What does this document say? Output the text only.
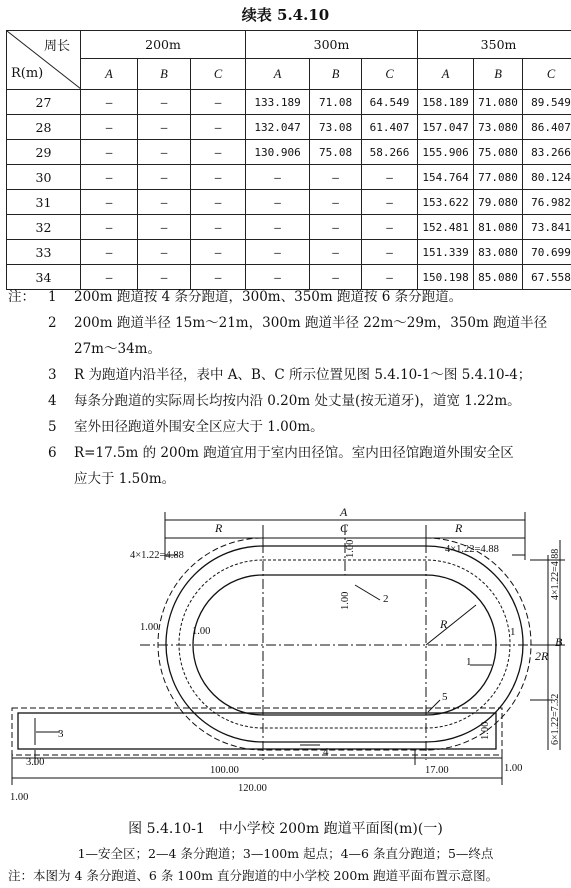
续表 5.4.10
周长
R(m)	200m			300m			350m		
	A	B	C	A	B	C	A	B	C
27	—	—	—	133.189	71.08	64.549	158.189	71.080	89.549
28	—	—	—	132.047	73.08	61.407	157.047	73.080	86.407
29	—	—	—	130.906	75.08	58.266	155.906	75.080	83.266
30	—	—	—	—	—	—	154.764	77.080	80.124
31	—	—	—	—	—	—	153.622	79.080	76.982
32	—	—	—	—	—	—	152.481	81.080	73.841
33	—	—	—	—	—	—	151.339	83.080	70.699
34	—	—	—	—	—	—	150.198	85.080	67.558
注： 1 200m 跑道按 4 条分跑道，300m、350m 跑道按 6 条分跑道。
2 200m 跑道半径 15m～21m，300m 跑道半径 22m～29m，350m 跑道半径
27m～34m。
3 R 为跑道内沿半径，表中 A、B、C 所示位置见图 5.4.10-1～图 5.4.10-4；
4 每条分跑道的实际周长均按内沿 0.20m 处丈量(按无道牙)，道宽 1.22m。
5 室外田径跑道外围安全区应大于 1.00m。
6 R=17.5m 的 200m 跑道宜用于室内田径馆。室内田径馆跑道外围安全区
应大于 1.50m。
A
R	C	R
4×1.22=4.88
4×1.22=4.88
R
2R
B
1.00	1.00
3.00
100.00	17.00
120.00
1.00
1.00
2
1
1
3
4
5
1.00
1.00
1.00
4×1.22=4.88
6×1.22=7.32
图 5.4.10-1　中小学校 200m 跑道平面图(m)(一)
1—安全区；2—4 条分跑道；3—100m 起点；4—6 条直分跑道；5—终点
注：本图为 4 条分跑道、6 条 100m 直分跑道的中小学校 200m 跑道平面布置示意图。
